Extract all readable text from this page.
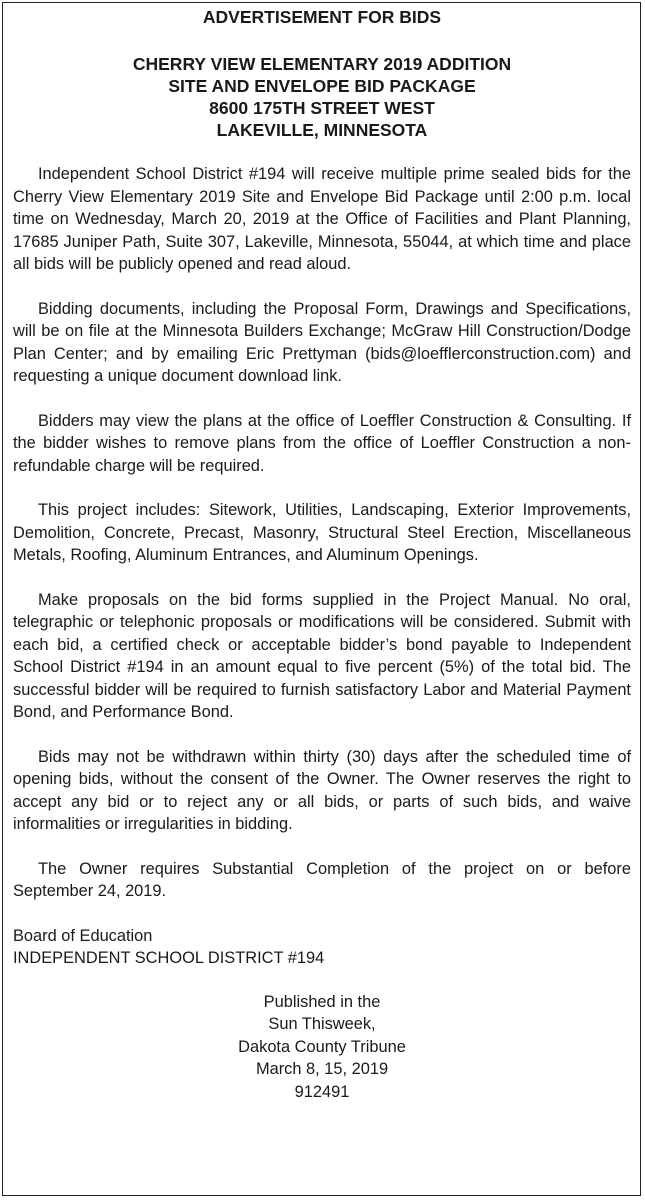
ADVERTISEMENT FOR BIDS
CHERRY VIEW ELEMENTARY 2019 ADDITION
SITE AND ENVELOPE BID PACKAGE
8600 175TH STREET WEST
LAKEVILLE, MINNESOTA

Independent School District #194 will receive multiple prime sealed bids for the Cherry View Elementary 2019 Site and Envelope Bid Package until 2:00 p.m. local time on Wednesday, March 20, 2019 at the Office of Facilities and Plant Planning, 17685 Juniper Path, Suite 307, Lakeville, Minnesota, 55044, at which time and place all bids will be publicly opened and read aloud.

Bidding documents, including the Proposal Form, Drawings and Specifications, will be on file at the Minnesota Builders Exchange; McGraw Hill Construction/Dodge Plan Center; and by emailing Eric Prettyman (bids@loefflerconstruction.com) and requesting a unique document download link.

Bidders may view the plans at the office of Loeffler Construction & Consulting. If the bidder wishes to remove plans from the office of Loeffler Construction a non-refundable charge will be required.

This project includes: Sitework, Utilities, Landscaping, Exterior Improvements, Demolition, Concrete, Precast, Masonry, Structural Steel Erection, Miscellaneous Metals, Roofing, Aluminum Entrances, and Aluminum Openings.

Make proposals on the bid forms supplied in the Project Manual. No oral, telegraphic or telephonic proposals or modifications will be considered. Submit with each bid, a certified check or acceptable bidder’s bond payable to Independent School District #194 in an amount equal to five percent (5%) of the total bid. The successful bidder will be required to furnish satisfactory Labor and Material Payment Bond, and Performance Bond.

Bids may not be withdrawn within thirty (30) days after the scheduled time of opening bids, without the consent of the Owner. The Owner reserves the right to accept any bid or to reject any or all bids, or parts of such bids, and waive informalities or irregularities in bidding.

The Owner requires Substantial Completion of the project on or before September 24, 2019.

Board of Education
INDEPENDENT SCHOOL DISTRICT #194
Published in the
Sun Thisweek,
Dakota County Tribune
March 8, 15, 2019
912491
